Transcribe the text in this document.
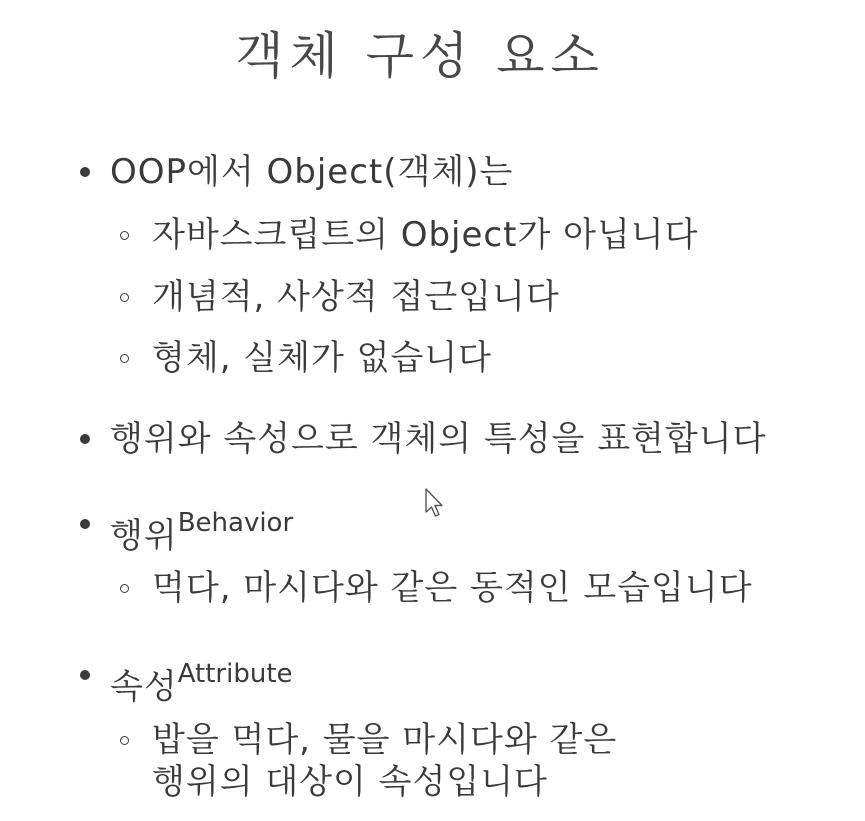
객체 구성 요소
OOP에서 Object(객체)는
자바스크립트의 Object가 아닙니다
개념적, 사상적 접근입니다
형체, 실체가 없습니다
행위와 속성으로 객체의 특성을 표현합니다
행위$^{Behavior}$
먹다, 마시다와 같은 동적인 모습입니다
속성$^{Attribute}$
밥을 먹다, 물을 마시다와 같은
행위의 대상이 속성입니다
